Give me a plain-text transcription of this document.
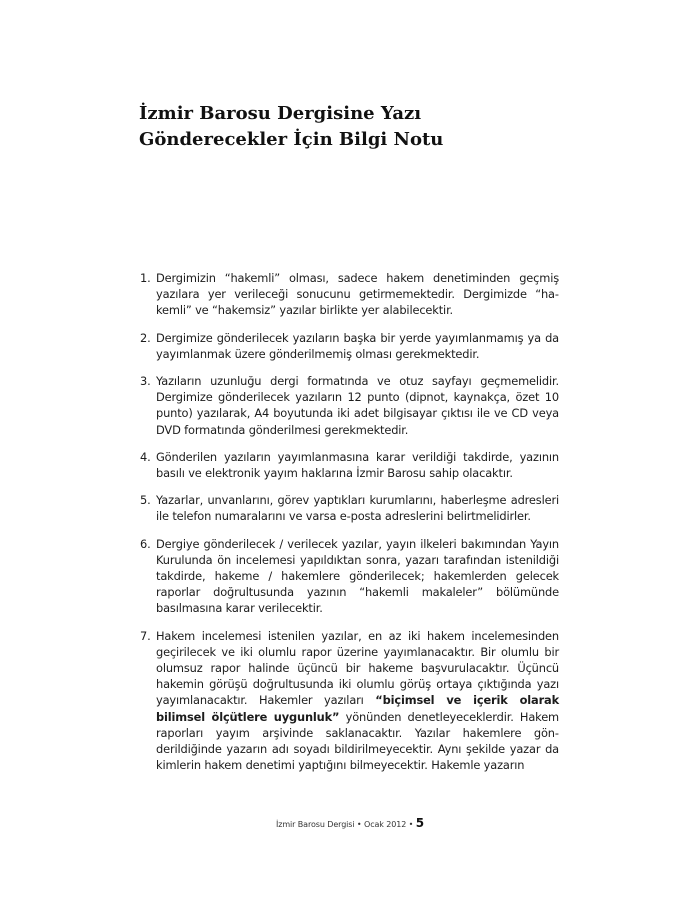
İzmir Barosu Dergisine Yazı
Gönderecekler İçin Bilgi Notu
1. Dergimizin “hakemli” olması, sadece hakem denetiminden geçmiş yazılara yer verileceği sonucunu getirmemektedir. Dergimizde “hakemli” ve “hakemsiz” yazılar birlikte yer alabilecektir.
2. Dergimize gönderilecek yazıların başka bir yerde yayımlanmamış ya da yayımlanmak üzere gönderilmemiş olması gerekmektedir.
3. Yazıların uzunluğu dergi formatında ve otuz sayfayı geçmemelidir. Dergimize gönderilecek yazıların 12 punto (dipnot, kaynakça, özet 10 punto) yazılarak, A4 boyutunda iki adet bilgisayar çıktısı ile ve CD veya DVD formatında gönderilmesi gerekmektedir.
4. Gönderilen yazıların yayımlanmasına karar verildiği takdirde, yazının basılı ve elektronik yayım haklarına İzmir Barosu sahip olacaktır.
5. Yazarlar, unvanlarını, görev yaptıkları kurumlarını, haberleşme adresleri ile telefon numaralarını ve varsa e-posta adreslerini belirtmelidirler.
6. Dergiye gönderilecek / verilecek yazılar, yayın ilkeleri bakımından Yayın Kurulunda ön incelemesi yapıldıktan sonra, yazarı tarafından istenildiği takdirde, hakeme / hakemlere gönderilecek; hakemlerden gelecek raporlar doğrultusunda yazının “hakemli makaleler” bölümünde basılmasına karar verilecektir.
7. Hakem incelemesi istenilen yazılar, en az iki hakem incelemesinden geçirilecek ve iki olumlu rapor üzerine yayımlanacaktır. Bir olumlu bir olumsuz rapor halinde üçüncü bir hakeme başvurulacaktır. Üçüncü hakemin görüşü doğrultusunda iki olumlu görüş ortaya çıktığında yazı yayımlanacaktır. Hakemler yazıları “biçimsel ve içerik olarak bilimsel ölçütlere uygunluk” yönünden denetleyeceklerdir. Hakem raporları yayım arşivinde saklanacaktır. Yazılar hakemlere gönderildiğinde yazarın adı soyadı bildirilmeyecektir. Aynı şekilde yazar da kimlerin hakem denetimi yaptığını bilmeyecektir. Hakemle yazarın
İzmir Barosu Dergisi • Ocak 2012 • 5
